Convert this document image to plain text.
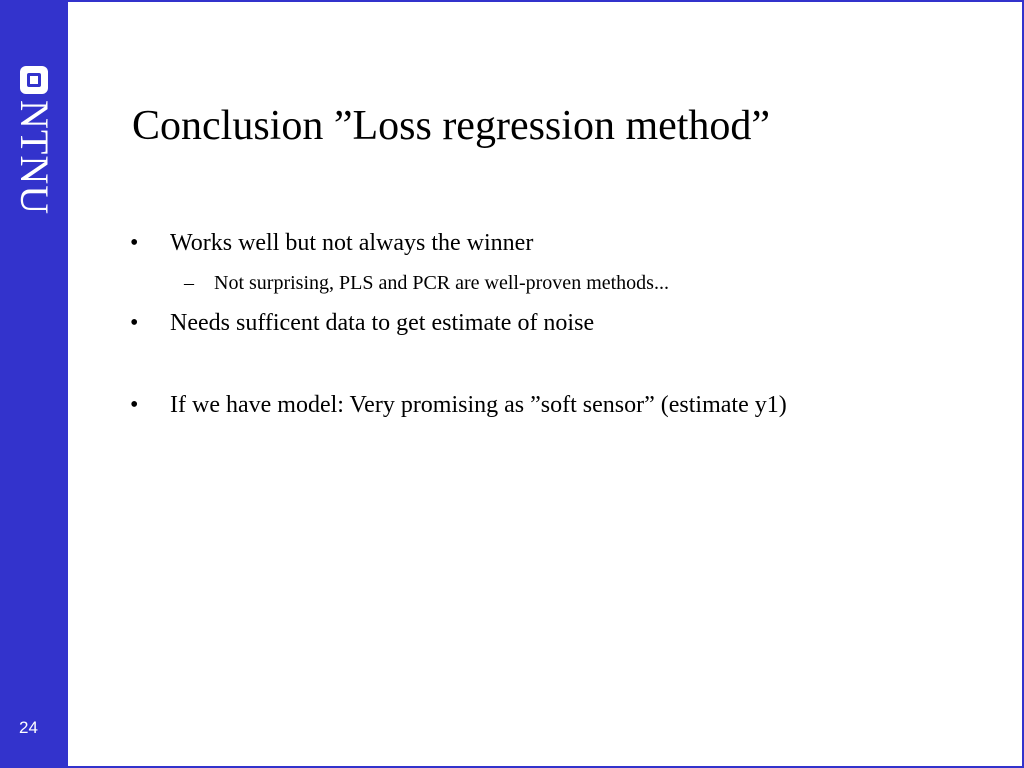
NTNU
24
Conclusion ”Loss regression method”
• Works well but not always the winner
– Not surprising, PLS and PCR are well-proven methods...
• Needs sufficent data to get estimate of noise
• If we have model: Very promising as ”soft sensor” (estimate y1)
